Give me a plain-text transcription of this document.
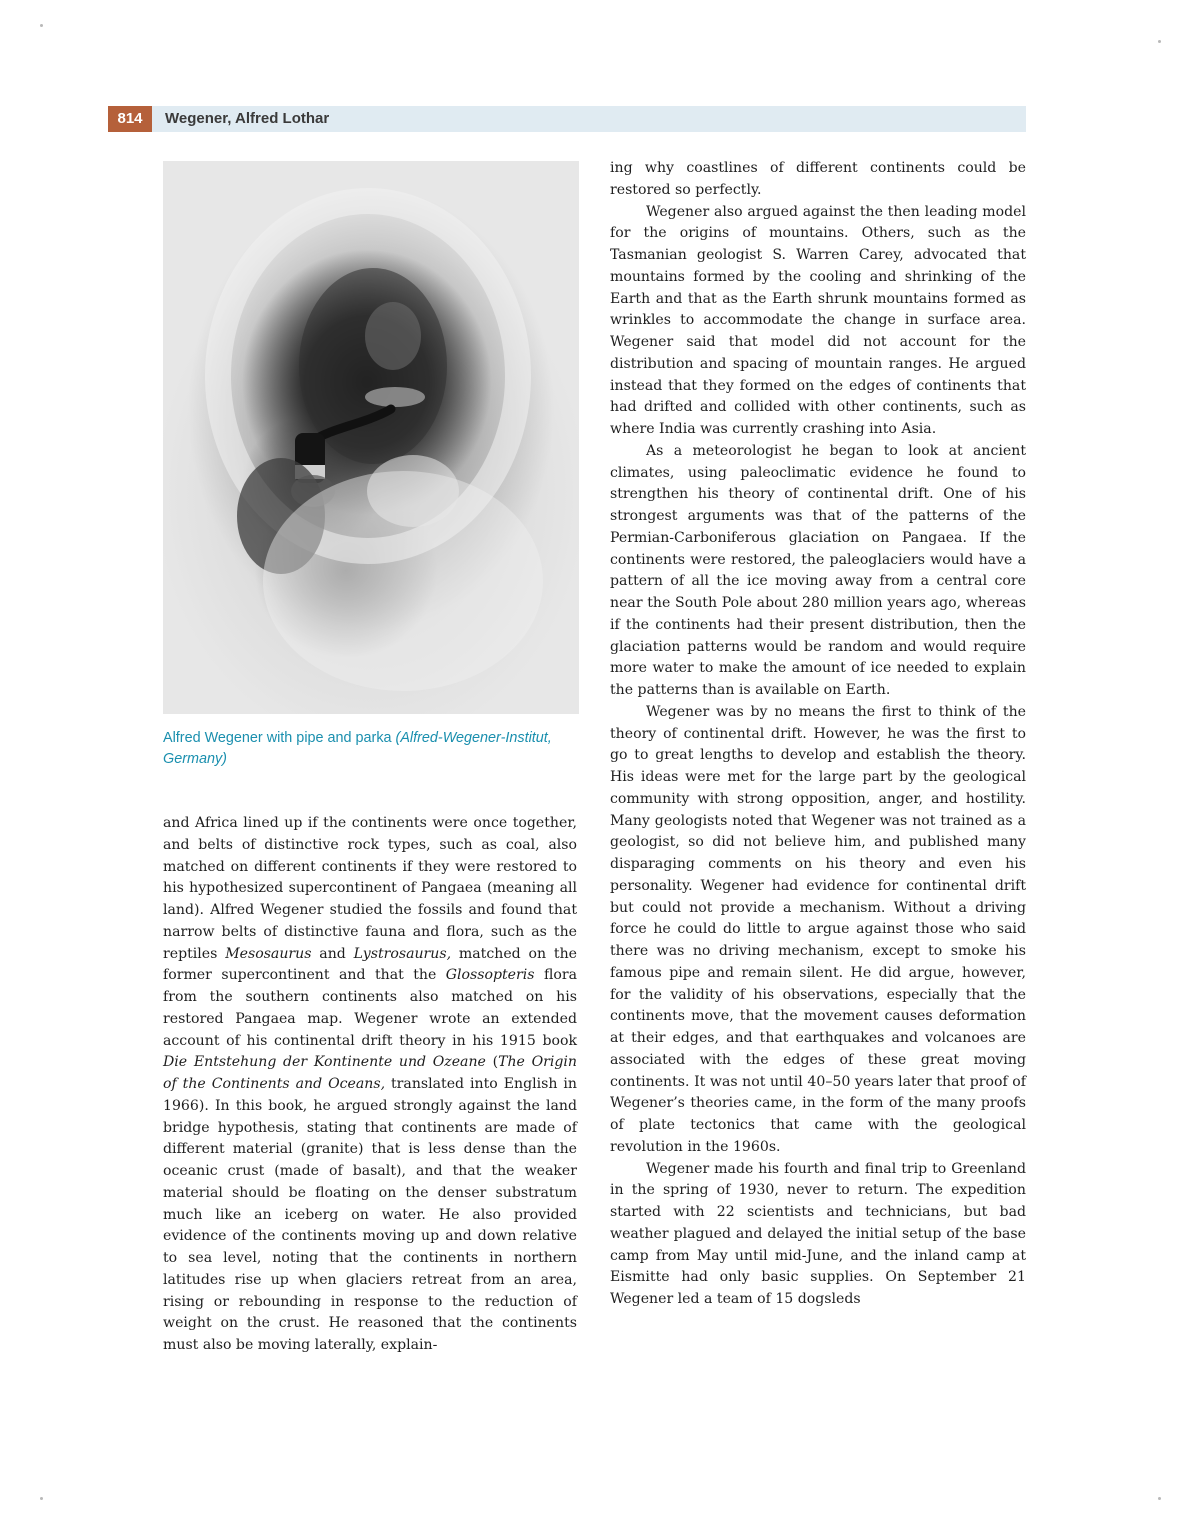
814	Wegener, Alfred Lothar
Alfred Wegener with pipe and parka (Alfred-Wegener-Institut, Germany)

and Africa lined up if the continents were once together, and belts of distinctive rock types, such as coal, also matched on different continents if they were restored to his hypothesized supercontinent of Pangaea (meaning all land). Alfred Wegener studied the fossils and found that narrow belts of distinctive fauna and flora, such as the reptiles Mesosaurus and Lystrosaurus, matched on the former supercontinent and that the Glossopteris flora from the southern continents also matched on his restored Pangaea map. Wegener wrote an extended account of his continental drift theory in his 1915 book Die Entstehung der Kontinente und Ozeane (The Origin of the Continents and Oceans, translated into English in 1966). In this book, he argued strongly against the land bridge hypothesis, stating that continents are made of different material (granite) that is less dense than the oceanic crust (made of basalt), and that the weaker material should be floating on the denser substratum much like an iceberg on water. He also provided evidence of the continents moving up and down relative to sea level, noting that the continents in northern latitudes rise up when glaciers retreat from an area, rising or rebounding in response to the reduction of weight on the crust. He reasoned that the continents must also be moving laterally, explain-

ing why coastlines of different continents could be restored so perfectly.

Wegener also argued against the then leading model for the origins of mountains. Others, such as the Tasmanian geologist S. Warren Carey, advocated that mountains formed by the cooling and shrinking of the Earth and that as the Earth shrunk mountains formed as wrinkles to accommodate the change in surface area. Wegener said that model did not account for the distribution and spacing of mountain ranges. He argued instead that they formed on the edges of continents that had drifted and collided with other continents, such as where India was currently crashing into Asia.

As a meteorologist he began to look at ancient climates, using paleoclimatic evidence he found to strengthen his theory of continental drift. One of his strongest arguments was that of the patterns of the Permian-Carboniferous glaciation on Pangaea. If the continents were restored, the paleoglaciers would have a pattern of all the ice moving away from a central core near the South Pole about 280 million years ago, whereas if the continents had their present distribution, then the glaciation patterns would be random and would require more water to make the amount of ice needed to explain the patterns than is available on Earth.

Wegener was by no means the first to think of the theory of continental drift. However, he was the first to go to great lengths to develop and establish the theory. His ideas were met for the large part by the geological community with strong opposition, anger, and hostility. Many geologists noted that Wegener was not trained as a geologist, so did not believe him, and published many disparaging comments on his theory and even his personality. Wegener had evidence for continental drift but could not provide a mechanism. Without a driving force he could do little to argue against those who said there was no driving mechanism, except to smoke his famous pipe and remain silent. He did argue, however, for the validity of his observations, especially that the continents move, that the movement causes deformation at their edges, and that earthquakes and volcanoes are associated with the edges of these great moving continents. It was not until 40–50 years later that proof of Wegener’s theories came, in the form of the many proofs of plate tectonics that came with the geological revolution in the 1960s.

Wegener made his fourth and final trip to Greenland in the spring of 1930, never to return. The expedition started with 22 scientists and technicians, but bad weather plagued and delayed the initial setup of the base camp from May until mid-June, and the inland camp at Eismitte had only basic supplies. On September 21 Wegener led a team of 15 dogsleds
